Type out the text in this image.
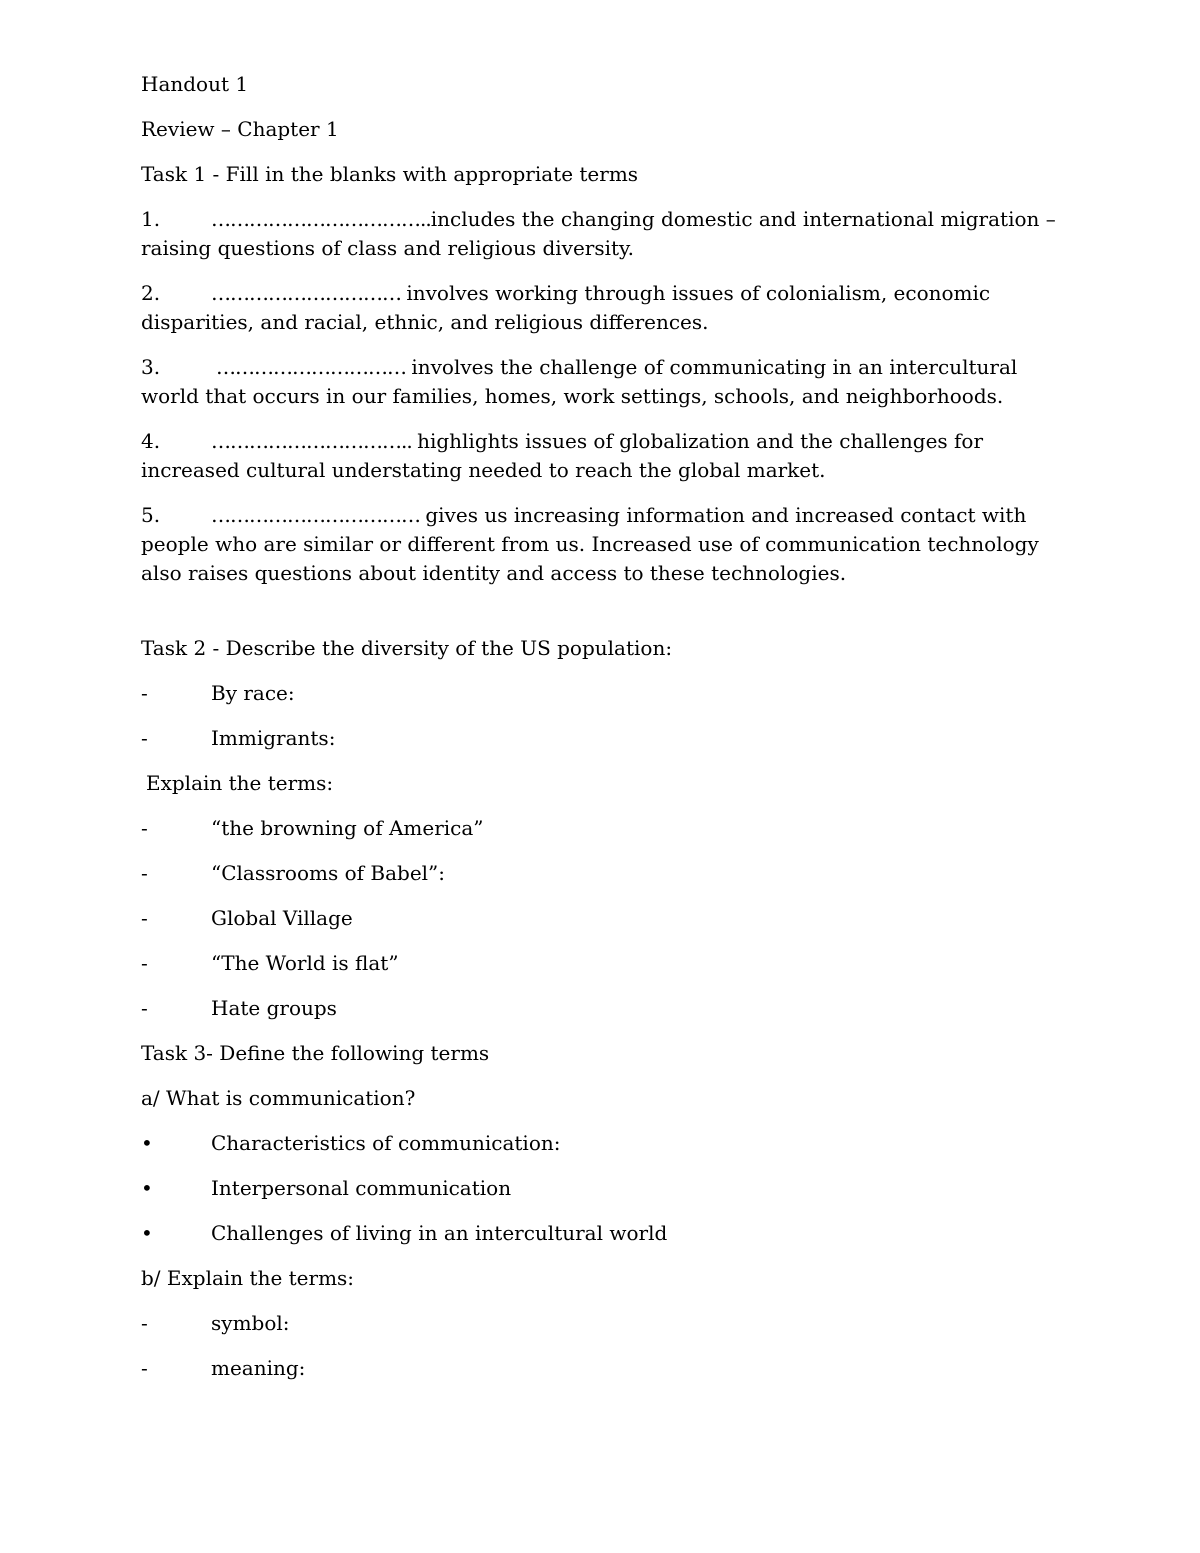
Handout 1

Review – Chapter 1

Task 1 - Fill in the blanks with appropriate terms

1.	……………………………..includes the changing domestic and international migration – raising questions of class and religious diversity.

2.	………………………… involves working through issues of colonialism, economic disparities, and racial, ethnic, and religious differences.

3.	………………………… involves the challenge of communicating in an intercultural world that occurs in our families, homes, work settings, schools, and neighborhoods.

4.	………………………….. highlights issues of globalization and the challenges for increased cultural understating needed to reach the global market.

5.	…………………………… gives us increasing information and increased contact with people who are similar or different from us. Increased use of communication technology also raises questions about identity and access to these technologies.

Task 2 - Describe the diversity of the US population:

-	By race:
-	Immigrants:

Explain the terms:

-	“the browning of America”
-	“Classrooms of Babel”:
-	Global Village
-	“The World is flat”
-	Hate groups

Task 3- Define the following terms

a/ What is communication?

•	Characteristics of communication:
•	Interpersonal communication
•	Challenges of living in an intercultural world

b/ Explain the terms:

-	symbol:
-	meaning:
